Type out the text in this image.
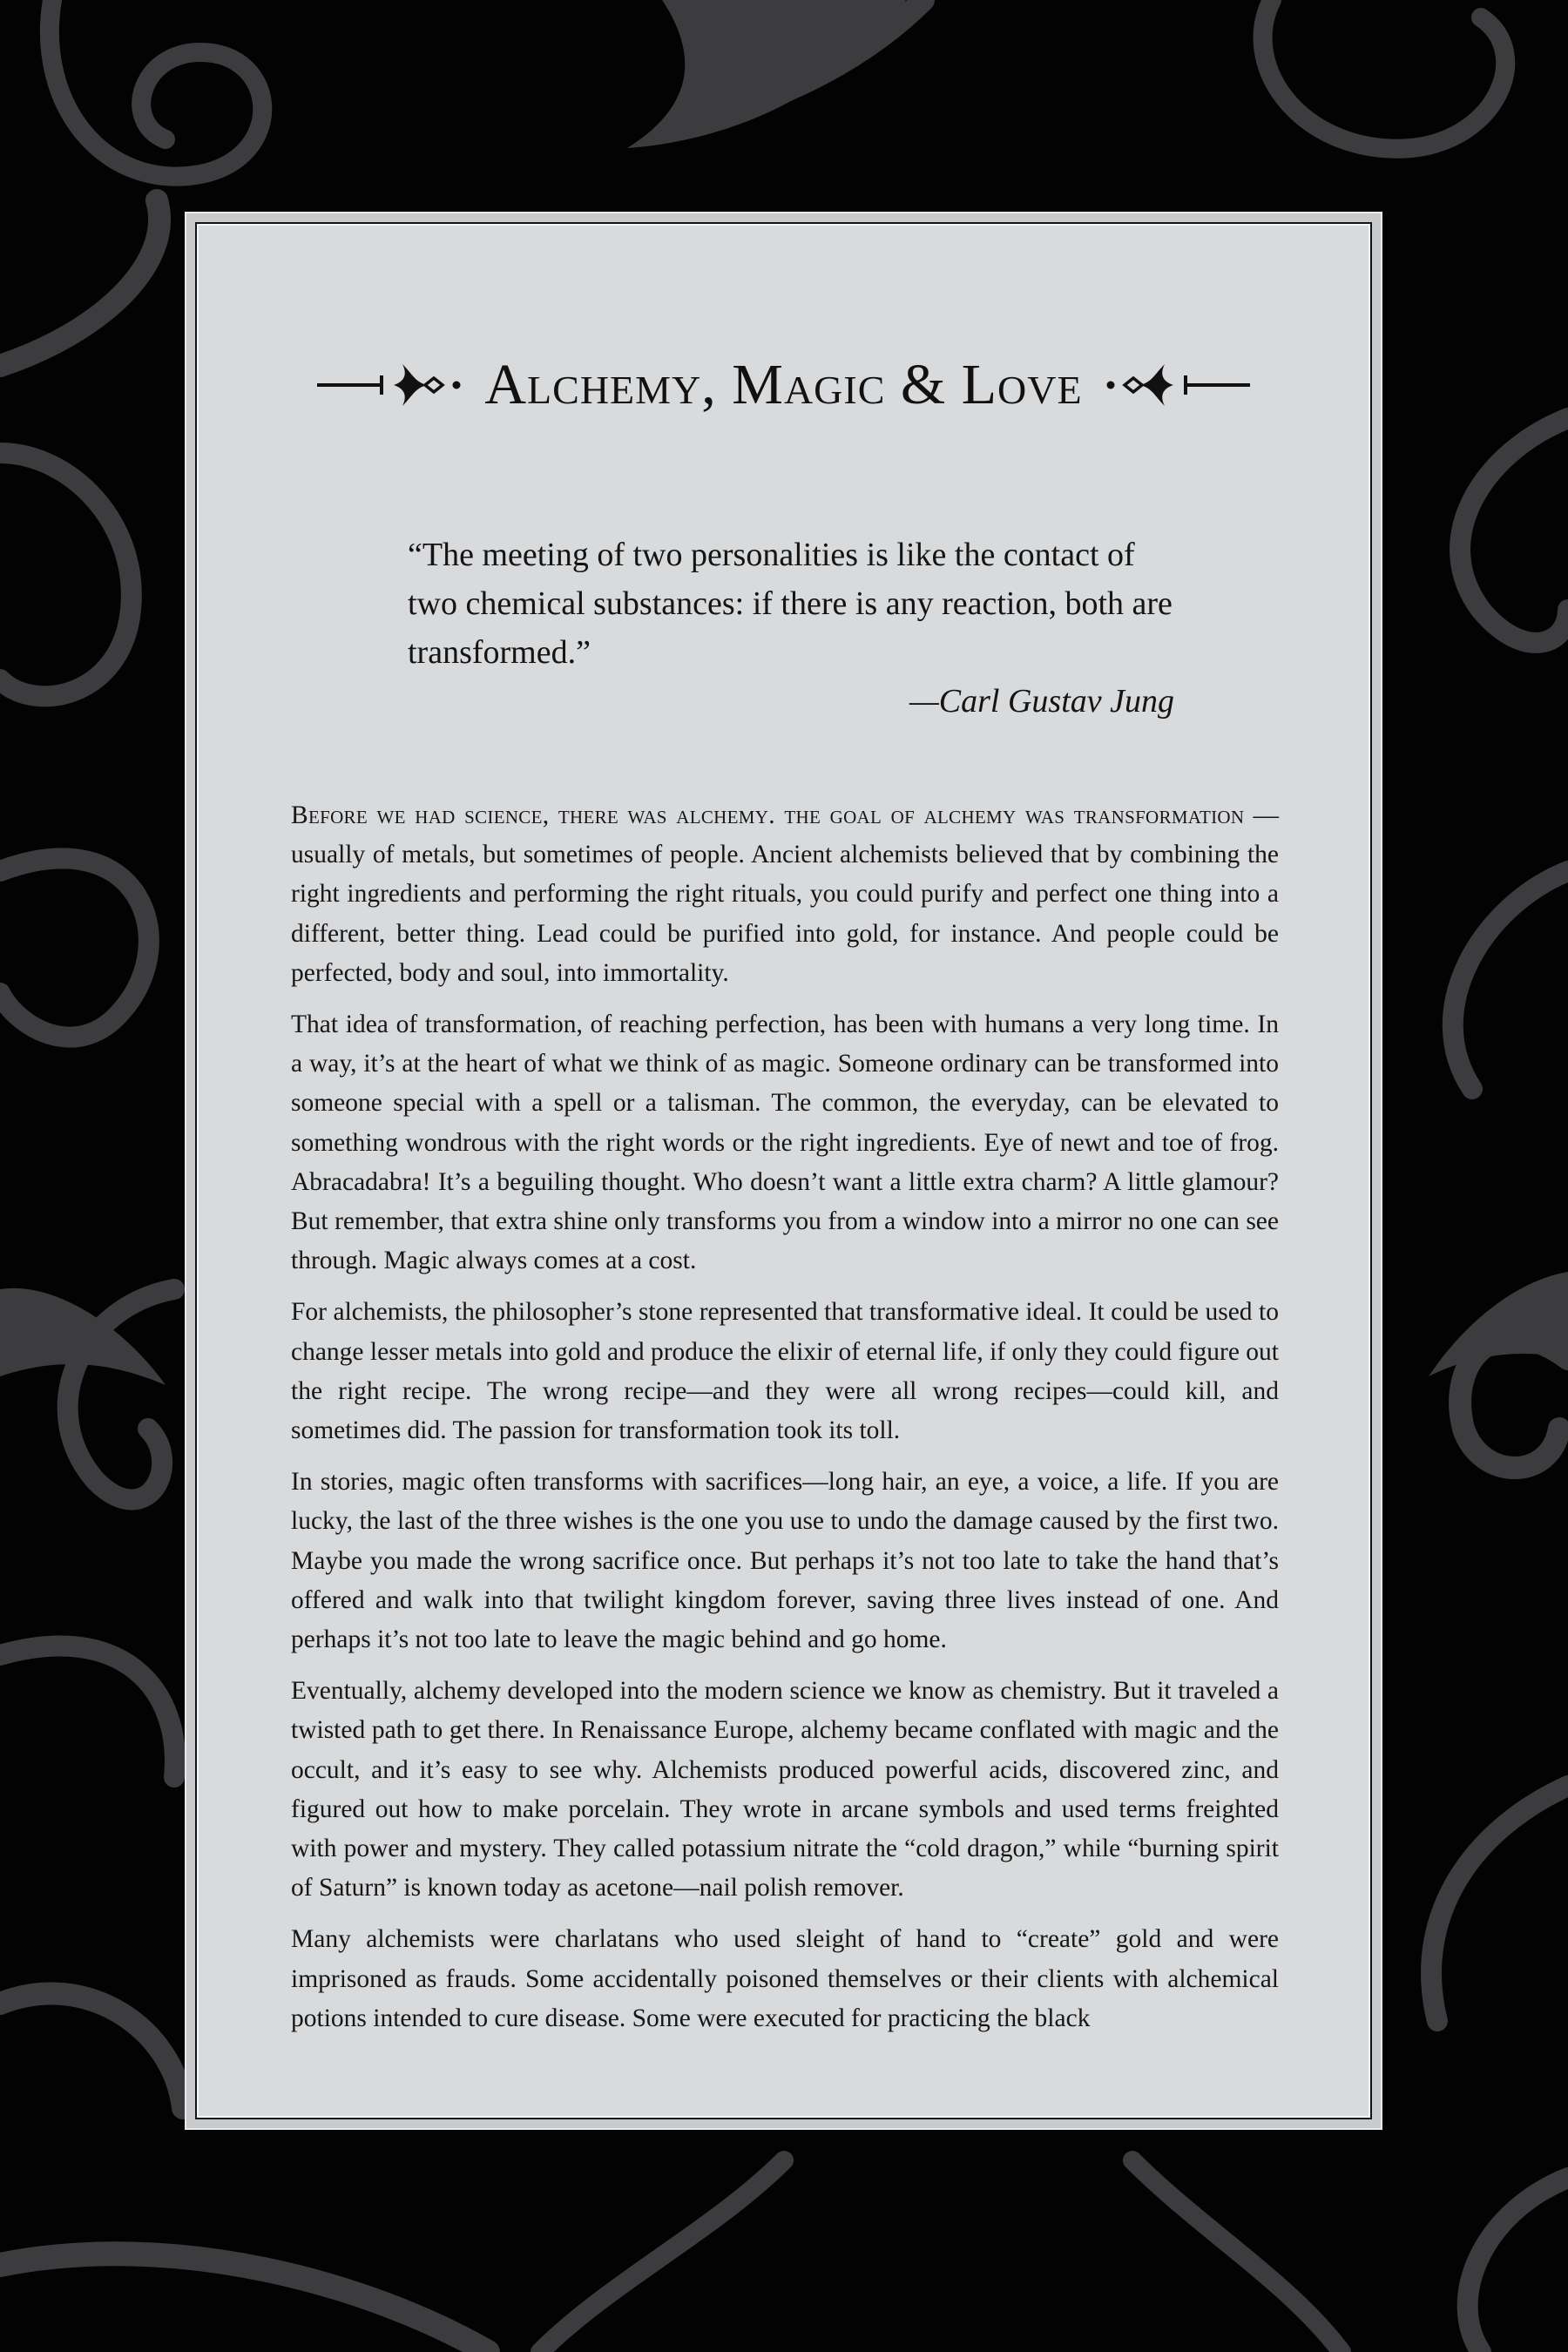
Alchemy, Magic & Love

“The meeting of two personalities is like the contact of two chemical substances: if there is any reaction, both are transformed.”

—Carl Gustav Jung

Before we had science, there was alchemy. the goal of alchemy was transformation —usually of metals, but sometimes of people. Ancient alchemists believed that by combining the right ingredients and performing the right rituals, you could purify and perfect one thing into a different, better thing. Lead could be purified into gold, for instance. And people could be perfected, body and soul, into immortality.

That idea of transformation, of reaching perfection, has been with humans a very long time. In a way, it’s at the heart of what we think of as magic. Someone ordinary can be transformed into someone special with a spell or a talisman. The common, the everyday, can be elevated to something wondrous with the right words or the right ingredients. Eye of newt and toe of frog. Abracadabra! It’s a beguiling thought. Who doesn’t want a little extra charm? A little glamour? But remember, that extra shine only transforms you from a window into a mirror no one can see through. Magic always comes at a cost.

For alchemists, the philosopher’s stone represented that transformative ideal. It could be used to change lesser metals into gold and produce the elixir of eternal life, if only they could figure out the right recipe. The wrong recipe—and they were all wrong recipes—could kill, and sometimes did. The passion for transformation took its toll.

In stories, magic often transforms with sacrifices—long hair, an eye, a voice, a life. If you are lucky, the last of the three wishes is the one you use to undo the damage caused by the first two. Maybe you made the wrong sacrifice once. But perhaps it’s not too late to take the hand that’s offered and walk into that twilight kingdom forever, saving three lives instead of one. And perhaps it’s not too late to leave the magic behind and go home.

Eventually, alchemy developed into the modern science we know as chemistry. But it traveled a twisted path to get there. In Renaissance Europe, alchemy became conflated with magic and the occult, and it’s easy to see why. Alchemists produced powerful acids, discovered zinc, and figured out how to make porcelain. They wrote in arcane symbols and used terms freighted with power and mystery. They called potassium nitrate the “cold dragon,” while “burning spirit of Saturn” is known today as acetone—nail polish remover.

Many alchemists were charlatans who used sleight of hand to “create” gold and were imprisoned as frauds. Some accidentally poisoned themselves or their clients with alchemical potions intended to cure disease. Some were executed for practicing the black
